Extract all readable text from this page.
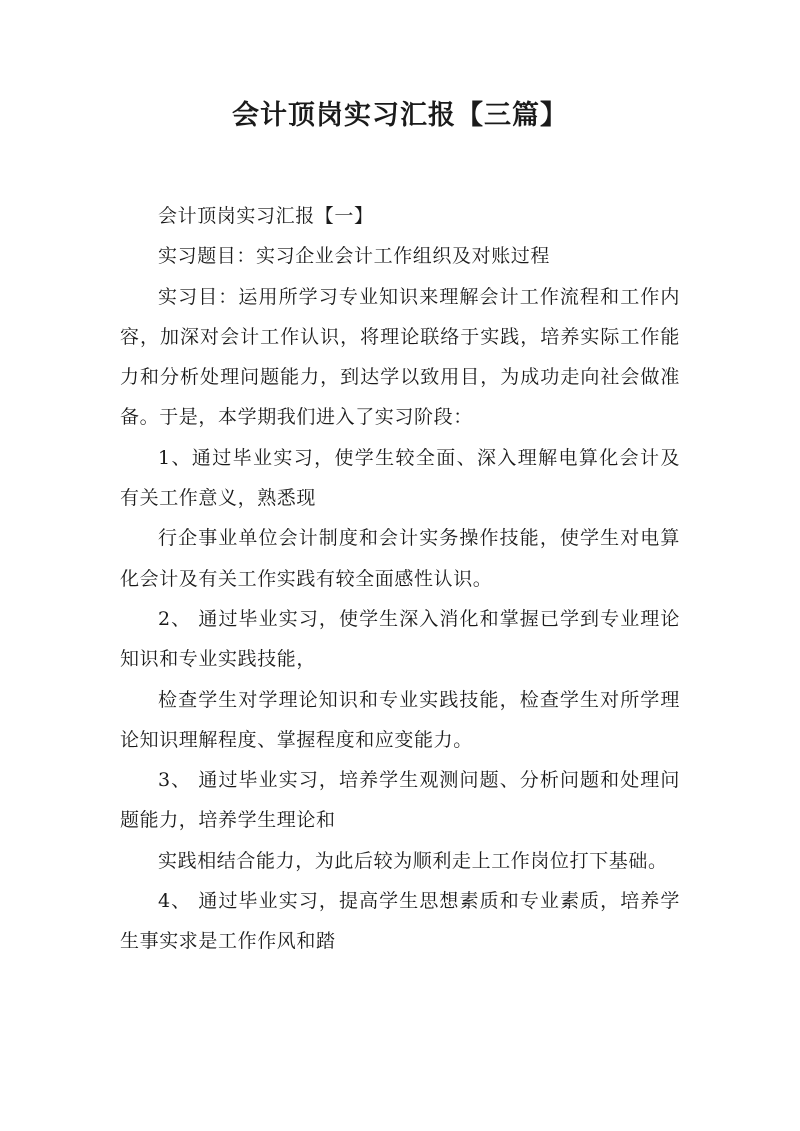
会计顶岗实习汇报【三篇】

会计顶岗实习汇报【一】

实习题目：实习企业会计工作组织及对账过程

实习目：运用所学习专业知识来理解会计工作流程和工作内容，加深对会计工作认识，将理论联络于实践，培养实际工作能力和分析处理问题能力，到达学以致用目，为成功走向社会做准备。于是，本学期我们进入了实习阶段：

1、通过毕业实习，使学生较全面、深入理解电算化会计及有关工作意义，熟悉现

行企事业单位会计制度和会计实务操作技能，使学生对电算化会计及有关工作实践有较全面感性认识。

2、 通过毕业实习，使学生深入消化和掌握已学到专业理论知识和专业实践技能，

检查学生对学理论知识和专业实践技能，检查学生对所学理论知识理解程度、掌握程度和应变能力。

3、 通过毕业实习，培养学生观测问题、分析问题和处理问题能力，培养学生理论和

实践相结合能力，为此后较为顺利走上工作岗位打下基础。

4、 通过毕业实习，提高学生思想素质和专业素质，培养学生事实求是工作作风和踏
